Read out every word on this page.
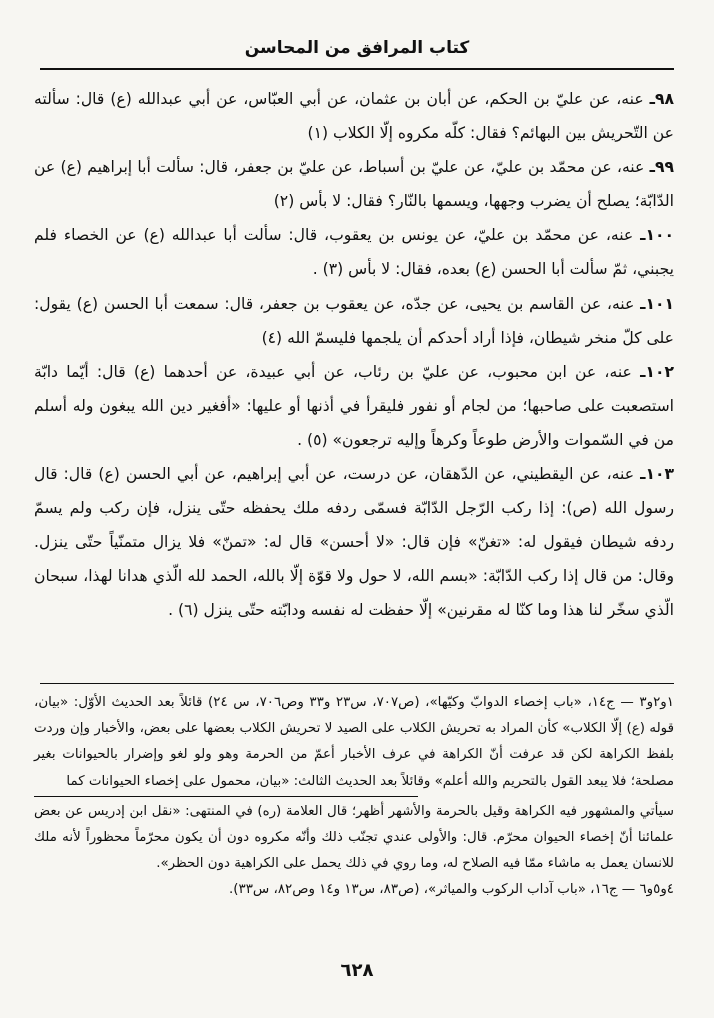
كتاب المرافق من المحاسن

٩٨ـ عنه، عن عليّ بن الحكم، عن أبان بن عثمان، عن أبي العبّاس، عن أبي عبدالله (ع) قال: سألته عن التّحريش بين البهائم؟ فقال: كلّه مكروه إلّا الكلاب (١)

٩٩ـ عنه، عن محمّد بن عليّ، عن عليّ بن أسباط، عن عليّ بن جعفر، قال: سألت أبا إبراهيم (ع) عن الدّابّة؛ يصلح أن يضرب وجهها، ويسمها بالنّار؟ فقال: لا بأس (٢)

١٠٠ـ عنه، عن محمّد بن عليّ، عن يونس بن يعقوب، قال: سألت أبا عبدالله (ع) عن الخصاء فلم يجبني، ثمّ سألت أبا الحسن (ع) بعده، فقال: لا بأس (٣) .

١٠١ـ عنه، عن القاسم بن يحيى، عن جدّه، عن يعقوب بن جعفر، قال: سمعت أبا الحسن (ع) يقول: على كلّ منخر شيطان، فإذا أراد أحدكم أن يلجمها فليسمّ الله (٤)

١٠٢ـ عنه، عن ابن محبوب، عن عليّ بن رئاب، عن أبي عبيدة، عن أحدهما (ع) قال: أيّما دابّة استصعبت على صاحبها؛ من لجام أو نفور فليقرأ في أذنها أو عليها: «أفغير دين الله يبغون وله أسلم من في السّموات والأرض طوعاً وكرهاً وإليه ترجعون» (٥) .

١٠٣ـ عنه، عن اليقطيني، عن الدّهقان، عن درست، عن أبي إبراهيم، عن أبي الحسن (ع) قال: قال رسول الله (ص): إذا ركب الرّجل الدّابّة فسمّى ردفه ملك يحفظه حتّى ينزل، فإن ركب ولم يسمّ ردفه شيطان فيقول له: «تغنّ» فإن قال: «لا أحسن» قال له: «تمنّ» فلا يزال متمنّياً حتّى ينزل. وقال: من قال إذا ركب الدّابّة: «بسم الله، لا حول ولا قوّة إلّا بالله، الحمد لله الّذي هدانا لهذا، سبحان الّذي سخّر لنا هذا وما كنّا له مقرنين» إلّا حفظت له نفسه ودابّته حتّى ينزل (٦) .

١و٢و٣ — ج١٤، «باب إخصاء الدوابّ وكيّها»، (ص٧٠٧، س٢٣ و٣٣ وص٧٠٦، س ٢٤) قائلاً بعد الحديث الأوّل: «بيان، قوله (ع) إلّا الكلاب» كأن المراد به تحريش الكلاب على الصيد لا تحريش الكلاب بعضها على بعض، والأخبار وإن وردت بلفظ الكراهة لكن قد عرفت أنّ الكراهة في عرف الأخبار أعمّ من الحرمة وهو ولو لغو وإضرار بالحيوانات بغير مصلحة؛ فلا يبعد القول بالتحريم والله أعلم» وقائلاً بعد الحديث الثالث: «بيان، محمول على إخصاء الحيوانات كما

سيأتي والمشهور فيه الكراهة وقيل بالحرمة والأشهر أظهر؛ قال العلامة (ره) في المنتهى: «نقل ابن إدريس عن بعض علمائنا أنّ إخصاء الحيوان محرّم. قال: والأولى عندي تجنّب ذلك وأنّه مكروه دون أن يكون محرّماً محظوراً لأنه ملك للانسان يعمل به ماشاء ممّا فيه الصلاح له، وما روي في ذلك يحمل على الكراهية دون الحظر».

٤و٥و٦ — ج١٦، «باب آداب الركوب والمياثر»، (ص٨٣، س١٣ و١٤ وص٨٢، س٣٣).

٦٢٨
